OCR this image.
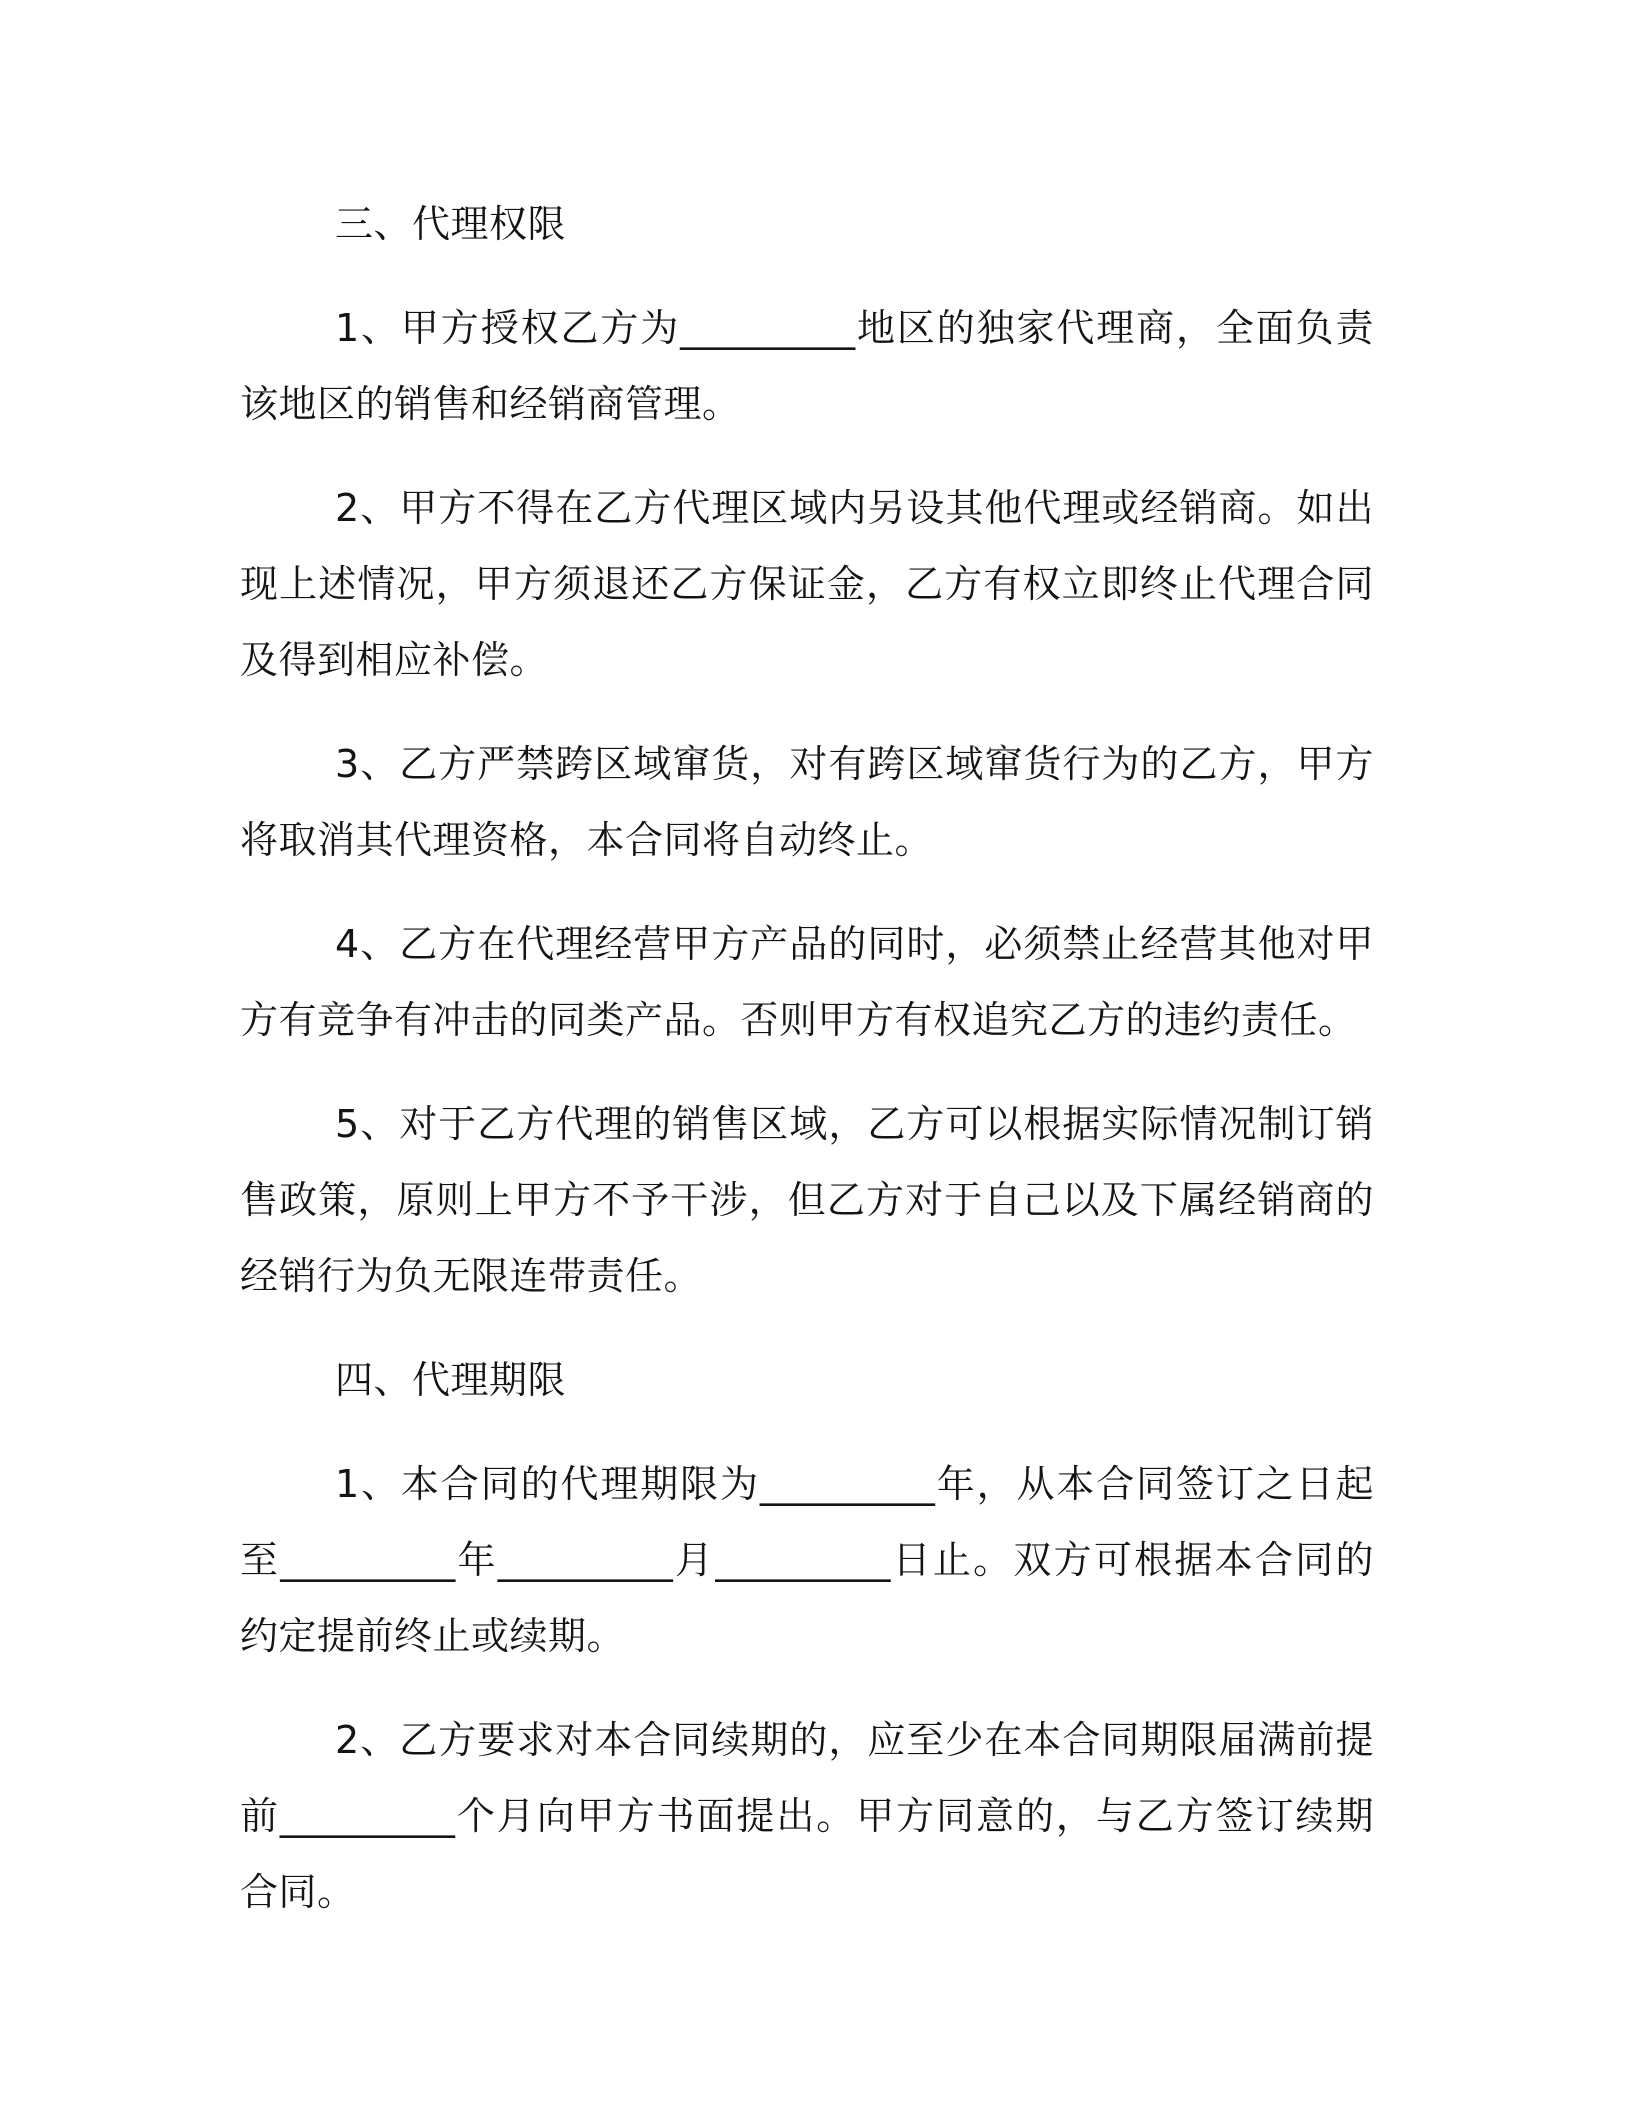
三、代理权限

1、甲方授权乙方为_________地区的独家代理商，全面负责该地区的销售和经销商管理。

2、甲方不得在乙方代理区域内另设其他代理或经销商。如出现上述情况，甲方须退还乙方保证金，乙方有权立即终止代理合同及得到相应补偿。

3、乙方严禁跨区域窜货，对有跨区域窜货行为的乙方，甲方将取消其代理资格，本合同将自动终止。

4、乙方在代理经营甲方产品的同时，必须禁止经营其他对甲方有竞争有冲击的同类产品。否则甲方有权追究乙方的违约责任。

5、对于乙方代理的销售区域，乙方可以根据实际情况制订销售政策，原则上甲方不予干涉，但乙方对于自己以及下属经销商的经销行为负无限连带责任。

四、代理期限

1、本合同的代理期限为_________年，从本合同签订之日起至_________年_________月_________日止。双方可根据本合同的约定提前终止或续期。

2、乙方要求对本合同续期的，应至少在本合同期限届满前提前_________个月向甲方书面提出。甲方同意的，与乙方签订续期合同。
